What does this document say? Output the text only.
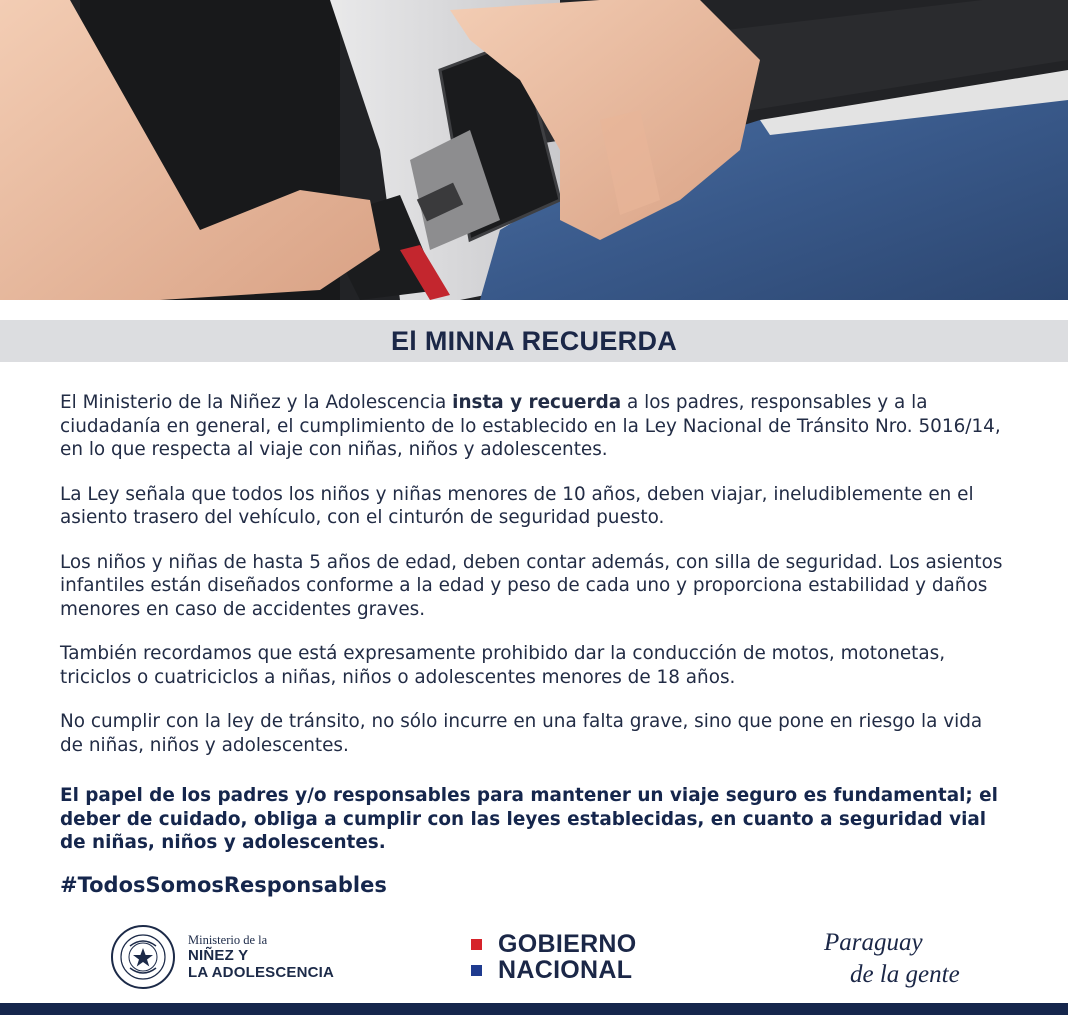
El MINNA RECUERDA

El Ministerio de la Niñez y la Adolescencia insta y recuerda a los padres, responsables y a la ciudadanía en general, el cumplimiento de lo establecido en la Ley Nacional de Tránsito Nro. 5016/14, en lo que respecta al viaje con niñas, niños y adolescentes.

La Ley señala que todos los niños y niñas menores de 10 años, deben viajar, ineludiblemente en el asiento trasero del vehículo, con el cinturón de seguridad puesto.

Los niños y niñas de hasta 5 años de edad, deben contar además, con silla de seguridad. Los asientos infantiles están diseñados conforme a la edad y peso de cada uno y proporciona estabilidad y daños menores en caso de accidentes graves.

También recordamos que está expresamente prohibido dar la conducción de motos, motonetas, triciclos o cuatriciclos a niñas, niños o adolescentes menores de 18 años.

No cumplir con la ley de tránsito, no sólo incurre en una falta grave, sino que pone en riesgo la vida de niñas, niños y adolescentes.

El papel de los padres y/o responsables para mantener un viaje seguro es fundamental; el deber de cuidado, obliga a cumplir con las leyes establecidas, en cuanto a seguridad vial de niñas, niños y adolescentes.

#TodosSomosResponsables
Ministerio de la
NIÑEZ Y
LA ADOLESCENCIA
GOBIERNO
NACIONAL
Paraguay
de la gente
